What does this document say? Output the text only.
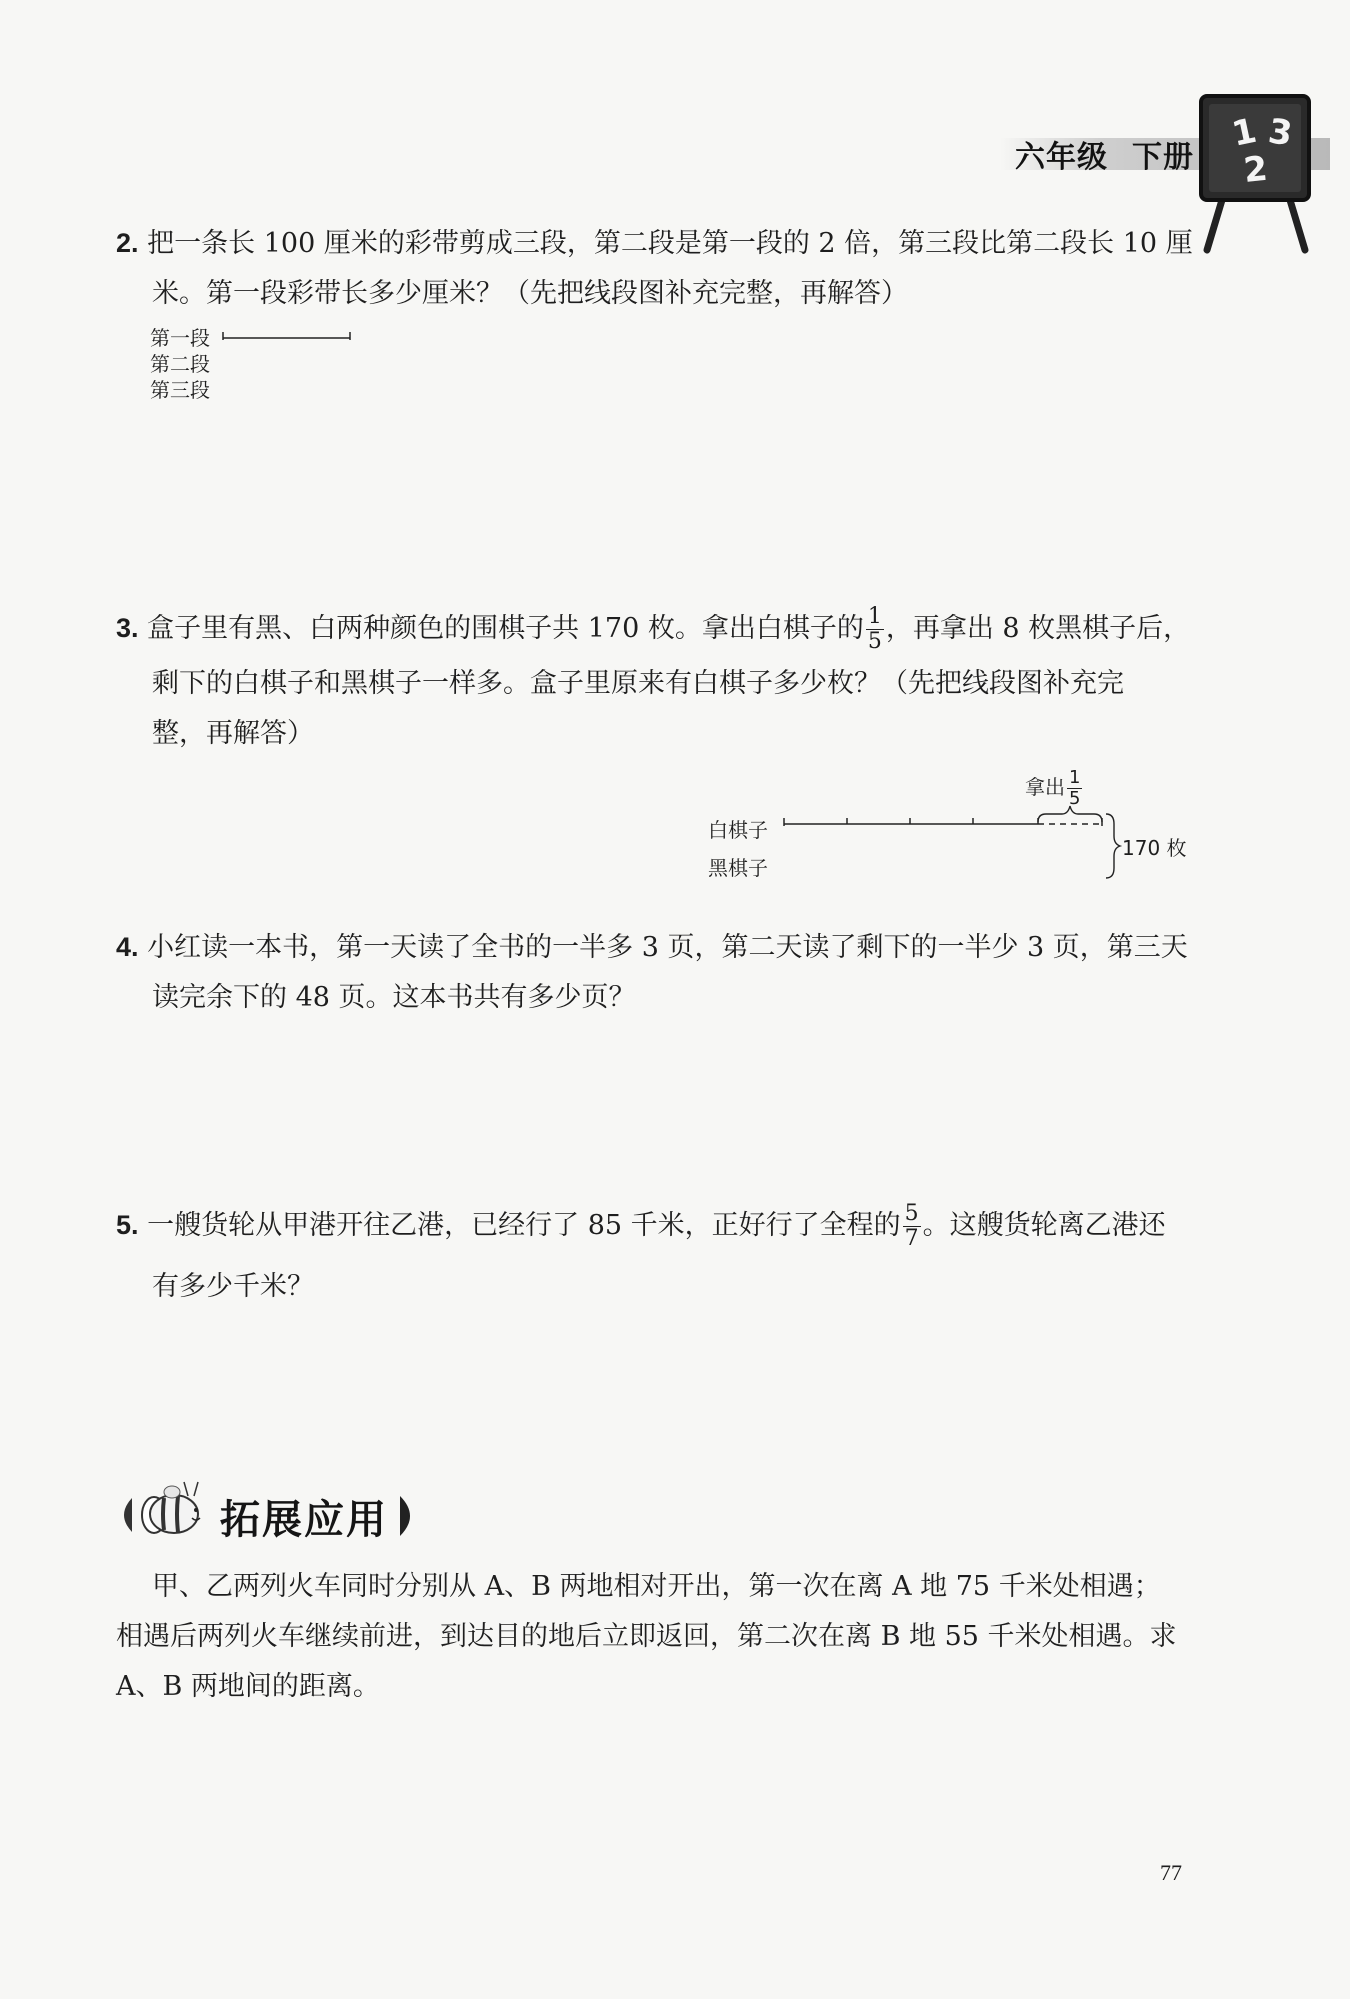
六年级 下册
1 3
2
2. 把一条长 100 厘米的彩带剪成三段，第二段是第一段的 2 倍，第三段比第二段长 10 厘
米。第一段彩带长多少厘米？（先把线段图补充完整，再解答）
第一段
第二段
第三段
3. 盒子里有黑、白两种颜色的围棋子共 170 枚。拿出白棋子的 $\frac{1}{5}$ ，再拿出 8 枚黑棋子后，
剩下的白棋子和黑棋子一样多。盒子里原来有白棋子多少枚？（先把线段图补充完
整，再解答）
拿出 $\frac{1}{5}$
白棋子
黑棋子
170 枚
4. 小红读一本书，第一天读了全书的一半多 3 页，第二天读了剩下的一半少 3 页，第三天
读完余下的 48 页。这本书共有多少页？
5. 一艘货轮从甲港开往乙港，已经行了 85 千米，正好行了全程的 $\frac{5}{7}$ 。这艘货轮离乙港还
有多少千米？
拓展应用
甲、乙两列火车同时分别从 A、B 两地相对开出，第一次在离 A 地 75 千米处相遇；
相遇后两列火车继续前进，到达目的地后立即返回，第二次在离 B 地 55 千米处相遇。求
A、B 两地间的距离。
77
